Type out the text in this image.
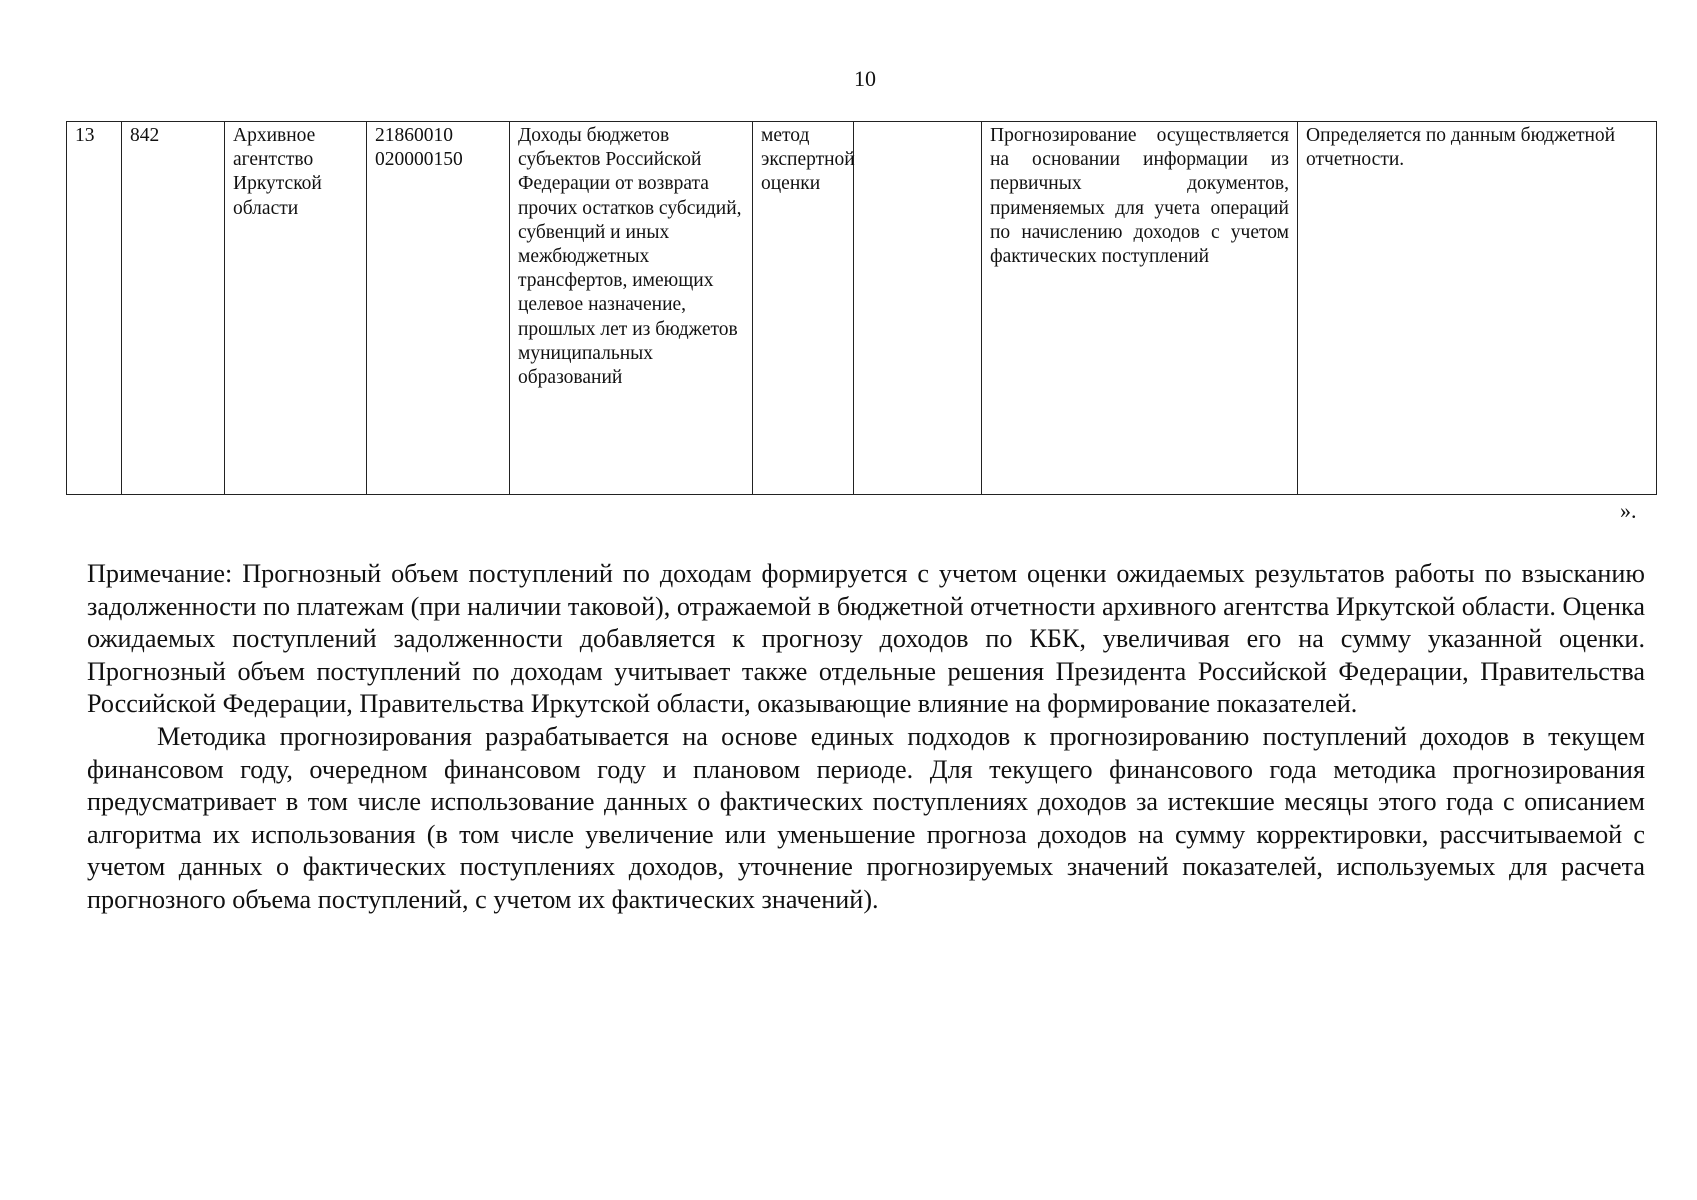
10
13	842	Архивное агентство Иркутской области	21860010 020000150	Доходы бюджетов субъектов Российской Федерации от возврата прочих остатков субсидий, субвенций и иных межбюджетных трансфертов, имеющих целевое назначение, прошлых лет из бюджетов муниципальных образований	метод экспертной оценки		Прогнозирование осуществляется на основании информации из первичных документов, применяемых для учета операций по начислению доходов с учетом фактических поступлений	Определяется по данным бюджетной отчетности.
».

Примечание: Прогнозный объем поступлений по доходам формируется с учетом оценки ожидаемых результатов работы по взысканию задолженности по платежам (при наличии таковой), отражаемой в бюджетной отчетности архивного агентства Иркутской области. Оценка ожидаемых поступлений задолженности добавляется к прогнозу доходов по КБК, увеличивая его на сумму указанной оценки. Прогнозный объем поступлений по доходам учитывает также отдельные решения Президента Российской Федерации, Правительства Российской Федерации, Правительства Иркутской области, оказывающие влияние на формирование показателей.

Методика прогнозирования разрабатывается на основе единых подходов к прогнозированию поступлений доходов в текущем финансовом году, очередном финансовом году и плановом периоде. Для текущего финансового года методика прогнозирования предусматривает в том числе использование данных о фактических поступлениях доходов за истекшие месяцы этого года с описанием алгоритма их использования (в том числе увеличение или уменьшение прогноза доходов на сумму корректировки, рассчитываемой с учетом данных о фактических поступлениях доходов, уточнение прогнозируемых значений показателей, используемых для расчета прогнозного объема поступлений, с учетом их фактических значений).
